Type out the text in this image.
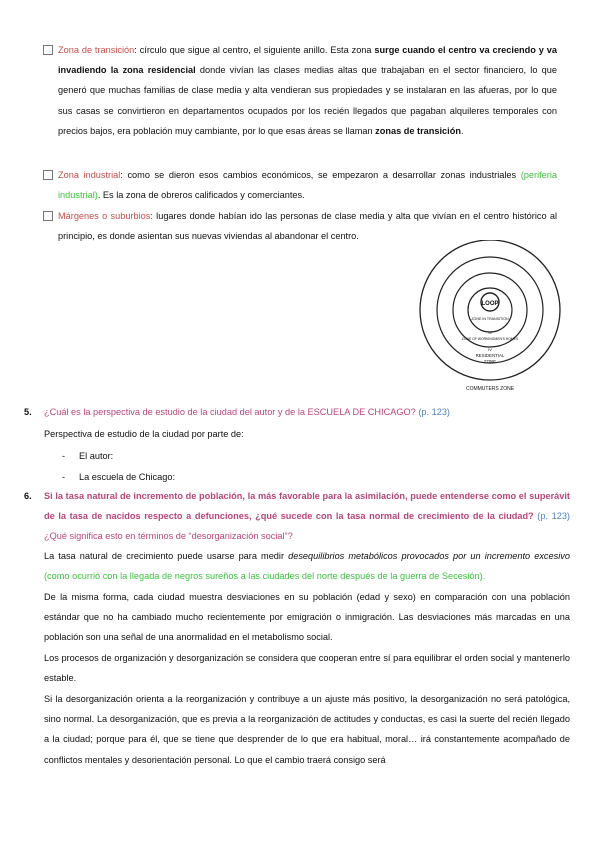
Zona de transición: círculo que sigue al centro, el siguiente anillo. Esta zona surge cuando el centro va creciendo y va invadiendo la zona residencial donde vivían las clases medias altas que trabajaban en el sector financiero, lo que generó que muchas familias de clase media y alta vendieran sus propiedades y se instalaran en las afueras, por lo que sus casas se convirtieron en departamentos ocupados por los recién llegados que pagaban alquileres temporales con precios bajos, era población muy cambiante, por lo que esas áreas se llaman zonas de transición.
Zona industrial: como se dieron esos cambios económicos, se empezaron a desarrollar zonas industriales (periferia industrial). Es la zona de obreros calificados y comerciantes.
Márgenes o suburbios: lugares donde habían ido las personas de clase media y alta que vivían en el centro histórico al principio, es donde asientan sus nuevas viviendas al abandonar el centro.
LOOP
ZONE IN TRANSITION
III
ZONE OF WORKINGMEN'S HOMES
IV
RESIDENTIAL
ZONE
COMMUTERS ZONE
5. ¿Cuál es la perspectiva de estudio de la ciudad del autor y de la ESCUELA DE CHICAGO? (p. 123)
Perspectiva de estudio de la ciudad por parte de:
- El autor:
- La escuela de Chicago:
6. Si la tasa natural de incremento de población, la más favorable para la asimilación, puede entenderse como el superávit de la tasa de nacidos respecto a defunciones, ¿qué sucede con la tasa normal de crecimiento de la ciudad? (p. 123) ¿Qué significa esto en términos de “desorganización social”?
La tasa natural de crecimiento puede usarse para medir desequilibrios metabólicos provocados por un incremento excesivo (como ocurrió con la llegada de negros sureños a las ciudades del norte después de la guerra de Secesión).
De la misma forma, cada ciudad muestra desviaciones en su población (edad y sexo) en comparación con una población estándar que no ha cambiado mucho recientemente por emigración o inmigración. Las desviaciones más marcadas en una población son una señal de una anormalidad en el metabolismo social.
Los procesos de organización y desorganización se considera que cooperan entre sí para equilibrar el orden social y mantenerlo estable.
Si la desorganización orienta a la reorganización y contribuye a un ajuste más positivo, la desorganización no será patológica, sino normal. La desorganización, que es previa a la reorganización de actitudes y conductas, es casi la suerte del recién llegado a la ciudad; porque para él, que se tiene que desprender de lo que era habitual, moral… irá constantemente acompañado de conflictos mentales y desorientación personal. Lo que el cambio traerá consigo será
